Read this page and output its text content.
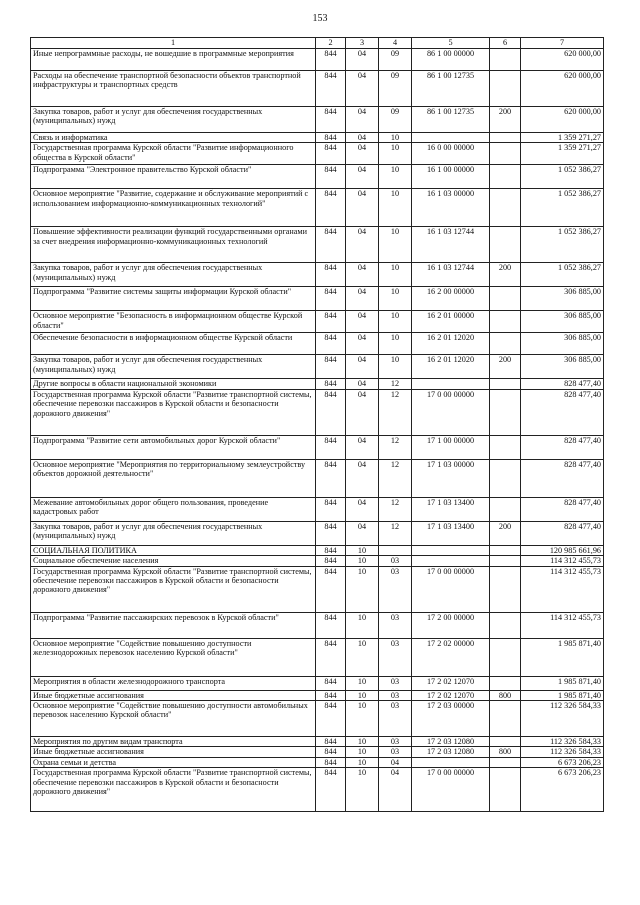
153
1	2	3	4	5	6	7
Иные непрограммные расходы, не вошедшие в программные мероприятия	844	04	09	86 1 00 00000		620 000,00
Расходы на обеспечение транспортной безопасности объектов транспортной инфраструктуры и транспортных средств	844	04	09	86 1 00 12735		620 000,00
Закупка товаров, работ и услуг для обеспечения государственных (муниципальных) нужд	844	04	09	86 1 00 12735	200	620 000,00
Связь и информатика	844	04	10			1 359 271,27
Государственная программа Курской области "Развитие информационного общества в Курской области"	844	04	10	16 0 00 00000		1 359 271,27
Подпрограмма "Электронное правительство Курской области"	844	04	10	16 1 00 00000		1 052 386,27
Основное мероприятие "Развитие, содержание и обслуживание мероприятий с использованием информационно-коммуникационных технологий"	844	04	10	16 1 03 00000		1 052 386,27
Повышение эффективности реализации функций государственными органами за счет внедрения информационно-коммуникационных технологий	844	04	10	16 1 03 12744		1 052 386,27
Закупка товаров, работ и услуг для обеспечения государственных (муниципальных) нужд	844	04	10	16 1 03 12744	200	1 052 386,27
Подпрограмма "Развитие системы защиты информации Курской области"	844	04	10	16 2 00 00000		306 885,00
Основное мероприятие "Безопасность в информационном обществе Курской области"	844	04	10	16 2 01 00000		306 885,00
Обеспечение безопасности в информационном обществе Курской области	844	04	10	16 2 01 12020		306 885,00
Закупка товаров, работ и услуг для обеспечения государственных (муниципальных) нужд	844	04	10	16 2 01 12020	200	306 885,00
Другие вопросы в области национальной экономики	844	04	12			828 477,40
Государственная программа Курской области "Развитие транспортной системы, обеспечение перевозки пассажиров в Курской области и безопасности дорожного движения"	844	04	12	17 0 00 00000		828 477,40
Подпрограмма "Развитие сети автомобильных дорог Курской области"	844	04	12	17 1 00 00000		828 477,40
Основное мероприятие "Мероприятия по территориальному землеустройству объектов дорожной деятельности"	844	04	12	17 1 03 00000		828 477,40
Межевание автомобильных дорог общего пользования, проведение кадастровых работ	844	04	12	17 1 03 13400		828 477,40
Закупка товаров, работ и услуг для обеспечения государственных (муниципальных) нужд	844	04	12	17 1 03 13400	200	828 477,40
СОЦИАЛЬНАЯ ПОЛИТИКА	844	10				120 985 661,96
Социальное обеспечение населения	844	10	03			114 312 455,73
Государственная программа Курской области "Развитие транспортной системы, обеспечение перевозки пассажиров в Курской области и безопасности дорожного движения"	844	10	03	17 0 00 00000		114 312 455,73
Подпрограмма "Развитие пассажирских перевозок в Курской области"	844	10	03	17 2 00 00000		114 312 455,73
Основное мероприятие "Содействие повышению доступности железнодорожных перевозок населению Курской области"	844	10	03	17 2 02 00000		1 985 871,40
Мероприятия в области железнодорожного транспорта	844	10	03	17 2 02 12070		1 985 871,40
Иные бюджетные ассигнования	844	10	03	17 2 02 12070	800	1 985 871,40
Основное мероприятие "Содействие повышению доступности автомобильных перевозок населению Курской области"	844	10	03	17 2 03 00000		112 326 584,33
Мероприятия по другим видам транспорта	844	10	03	17 2 03 12080		112 326 584,33
Иные бюджетные ассигнования	844	10	03	17 2 03 12080	800	112 326 584,33
Охрана семьи и детства	844	10	04			6 673 206,23
Государственная программа Курской области "Развитие транспортной системы, обеспечение перевозки пассажиров в Курской области и безопасности дорожного движения"	844	10	04	17 0 00 00000		6 673 206,23
